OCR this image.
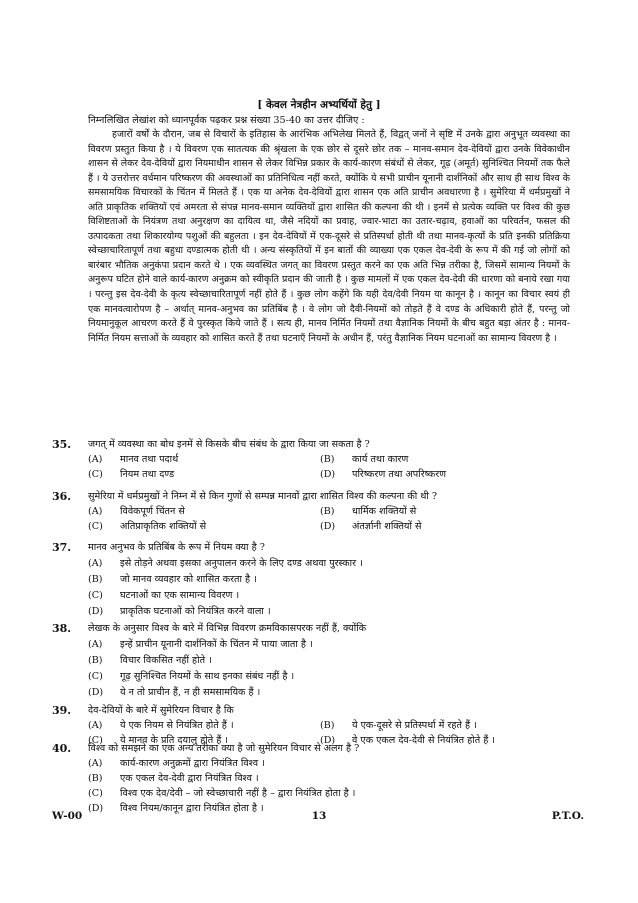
[ केवल नेत्रहीन अभ्यर्थियों हेतु ]
निम्नलिखित लेखांश को ध्यानपूर्वक पढ़कर प्रश्न संख्या 35-40 का उत्तर दीजिए :

हजारों वर्षों के दौरान, जब से विचारों के इतिहास के आरंभिक अभिलेख मिलते हैं, विद्वत् जनों ने सृष्टि में उनके द्वारा अनुभूत व्यवस्था का विवरण प्रस्तुत किया है । ये विवरण एक सातत्यक की श्रृंखला के एक छोर से दूसरे छोर तक – मानव-समान देव-देवियों द्वारा उनके विवेकाधीन शासन से लेकर देव-देवियों द्वारा नियमाधीन शासन से लेकर विभिन्न प्रकार के कार्य-कारण संबंधों से लेकर, गूढ़ (अमूर्त) सुनिश्चित नियमों तक फैले हैं । ये उत्तरोत्तर वर्धमान परिष्करण की अवस्थाओं का प्रतिनिधित्व नहीं करते, क्योंकि ये सभी प्राचीन यूनानी दार्शनिकों और साथ ही साथ विश्व के समसामयिक विचारकों के चिंतन में मिलते हैं । एक या अनेक देव-देवियों द्वारा शासन एक अति प्राचीन अवधारणा है । सुमेरिया में धर्मप्रमुखों ने अति प्राकृतिक शक्तियों एवं अमरता से संपन्न मानव-समान व्यक्तियों द्वारा शासित की कल्पना की थी । इनमें से प्रत्येक व्यक्ति पर विश्व की कुछ विशिष्टताओं के नियंत्रण तथा अनुरक्षण का दायित्व था, जैसे नदियों का प्रवाह, ज्वार-भाटा का उतार-चढ़ाव, हवाओं का परिवर्तन, फसल की उत्पादकता तथा शिकारयोग्य पशुओं की बहुलता । इन देव-देवियों में एक-दूसरे से प्रतिस्पर्धा होती थी तथा मानव-कृत्यों के प्रति इनकी प्रतिक्रिया स्वेच्छाचारितापूर्ण तथा बहुधा दण्डात्मक होती थी । अन्य संस्कृतियों में इन बातों की व्याख्या एक एकल देव-देवी के रूप में की गई जो लोगों को बारंबार भौतिक अनुकंपा प्रदान करते थे । एक व्यवस्थित जगत् का विवरण प्रस्तुत करने का एक अति भिन्न तरीका है, जिसमें सामान्य नियमों के अनुरूप घटित होने वाले कार्य-कारण अनुक्रम को स्वीकृति प्रदान की जाती है । कुछ मामलों में एक एकल देव-देवी की धारणा को बनाये रखा गया । परन्तु इस देव-देवी के कृत्य स्वेच्छाचारितापूर्ण नहीं होते हैं । कुछ लोग कहेंगे कि यही देव/देवी नियम या कानून है । कानून का विचार स्वयं ही एक मानवत्वारोपण है – अर्थात् मानव-अनुभव का प्रतिबिंब है । वे लोग जो दैवी-नियमों को तोड़ते हैं वे दण्ड के अधिकारी होते हैं, परन्तु जो नियमानुकूल आचरण करते हैं वे पुरस्कृत किये जाते हैं । सत्य ही, मानव निर्मित नियमों तथा वैज्ञानिक नियमों के बीच बहुत बड़ा अंतर है : मानव-निर्मित नियम सत्ताओं के व्यवहार को शासित करते हैं तथा घटनाएँ नियमों के अधीन हैं, परंतु वैज्ञानिक नियम घटनाओं का सामान्य विवरण है ।

35. जगत् में व्यवस्था का बोध इनमें से किसके बीच संबंध के द्वारा किया जा सकता है ?
(A) मानव तथा पदार्थ	(B) कार्य तथा कारण
(C) नियम तथा दण्ड	(D) परिष्करण तथा अपरिष्करण
36. सुमेरिया में धर्मप्रमुखों ने निम्न में से किन गुणों से सम्पन्न मानवों द्वारा शासित विश्व की कल्पना की थी ?
(A) विवेकपूर्ण चिंतन से	(B) धार्मिक शक्तियों से
(C) अतिप्राकृतिक शक्तियों से	(D) अंतर्ज्ञानी शक्तियों से
37. मानव अनुभव के प्रतिबिंब के रूप में नियम क्या है ?
(A) इसे तोड़ने अथवा इसका अनुपालन करने के लिए दण्ड अथवा पुरस्कार ।
(B) जो मानव व्यवहार को शासित करता है ।
(C) घटनाओं का एक सामान्य विवरण ।
(D) प्राकृतिक घटनाओं को नियंत्रित करने वाला ।
38. लेखक के अनुसार विश्व के बारे में विभिन्न विवरण क्रमविकासपरक नहीं हैं, क्योंकि
(A) इन्हें प्राचीन यूनानी दार्शनिकों के चिंतन में पाया जाता है ।
(B) विचार विकसित नहीं होते ।
(C) गूढ़ सुनिश्चित नियमों के साथ इनका संबंध नहीं है ।
(D) ये न तो प्राचीन हैं, न ही समसामयिक हैं ।
39. देव-देवियों के बारे में सुमेरियन विचार है कि
(A) ये एक नियम से नियंत्रित होते हैं ।	(B) ये एक-दूसरे से प्रतिस्पर्धा में रहते हैं ।
(C) ये मानव के प्रति दयालु होते हैं ।	(D) वे एक एकल देव-देवी से नियंत्रित होते हैं ।
40. विश्व को समझने का एक अन्य तरीका क्या है जो सुमेरियन विचार से अलग है ?
(A) कार्य-कारण अनुक्रमों द्वारा नियंत्रित विश्व ।
(B) एक एकल देव-देवी द्वारा नियंत्रित विश्व ।
(C) विश्व एक देव/देवी – जो स्वेच्छाचारी नहीं है – द्वारा नियंत्रित होता है ।
(D) विश्व नियम/कानून द्वारा नियंत्रित होता है ।
W-00	13	P.T.O.
